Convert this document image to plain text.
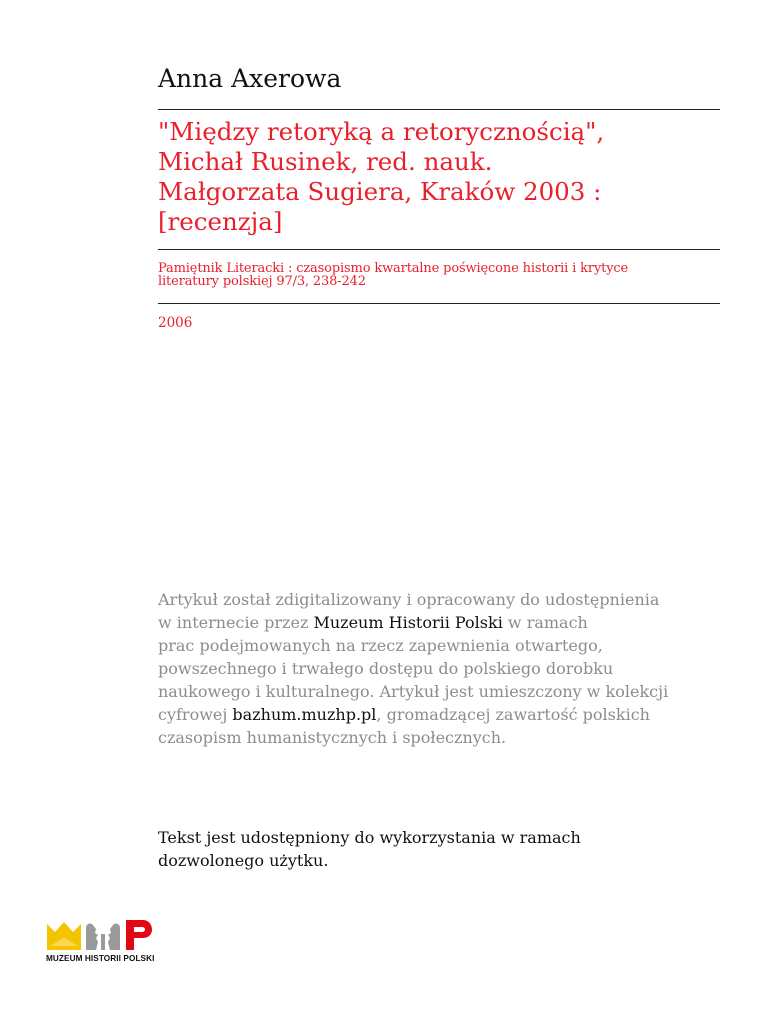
Anna Axerowa
"Między retoryką a retorycznością",
Michał Rusinek, red. nauk.
Małgorzata Sugiera, Kraków 2003 :
[recenzja]
Pamiętnik Literacki : czasopismo kwartalne poświęcone historii i krytyce
literatury polskiej 97/3, 238-242
2006
Artykuł został zdigitalizowany i opracowany do udostępnienia
w internecie przez Muzeum Historii Polski w ramach
prac podejmowanych na rzecz zapewnienia otwartego,
powszechnego i trwałego dostępu do polskiego dorobku
naukowego i kulturalnego. Artykuł jest umieszczony w kolekcji
cyfrowej bazhum.muzhp.pl, gromadzącej zawartość polskich
czasopism humanistycznych i społecznych.
Tekst jest udostępniony do wykorzystania w ramach
dozwolonego użytku.
MUZEUM HISTORII POLSKI
